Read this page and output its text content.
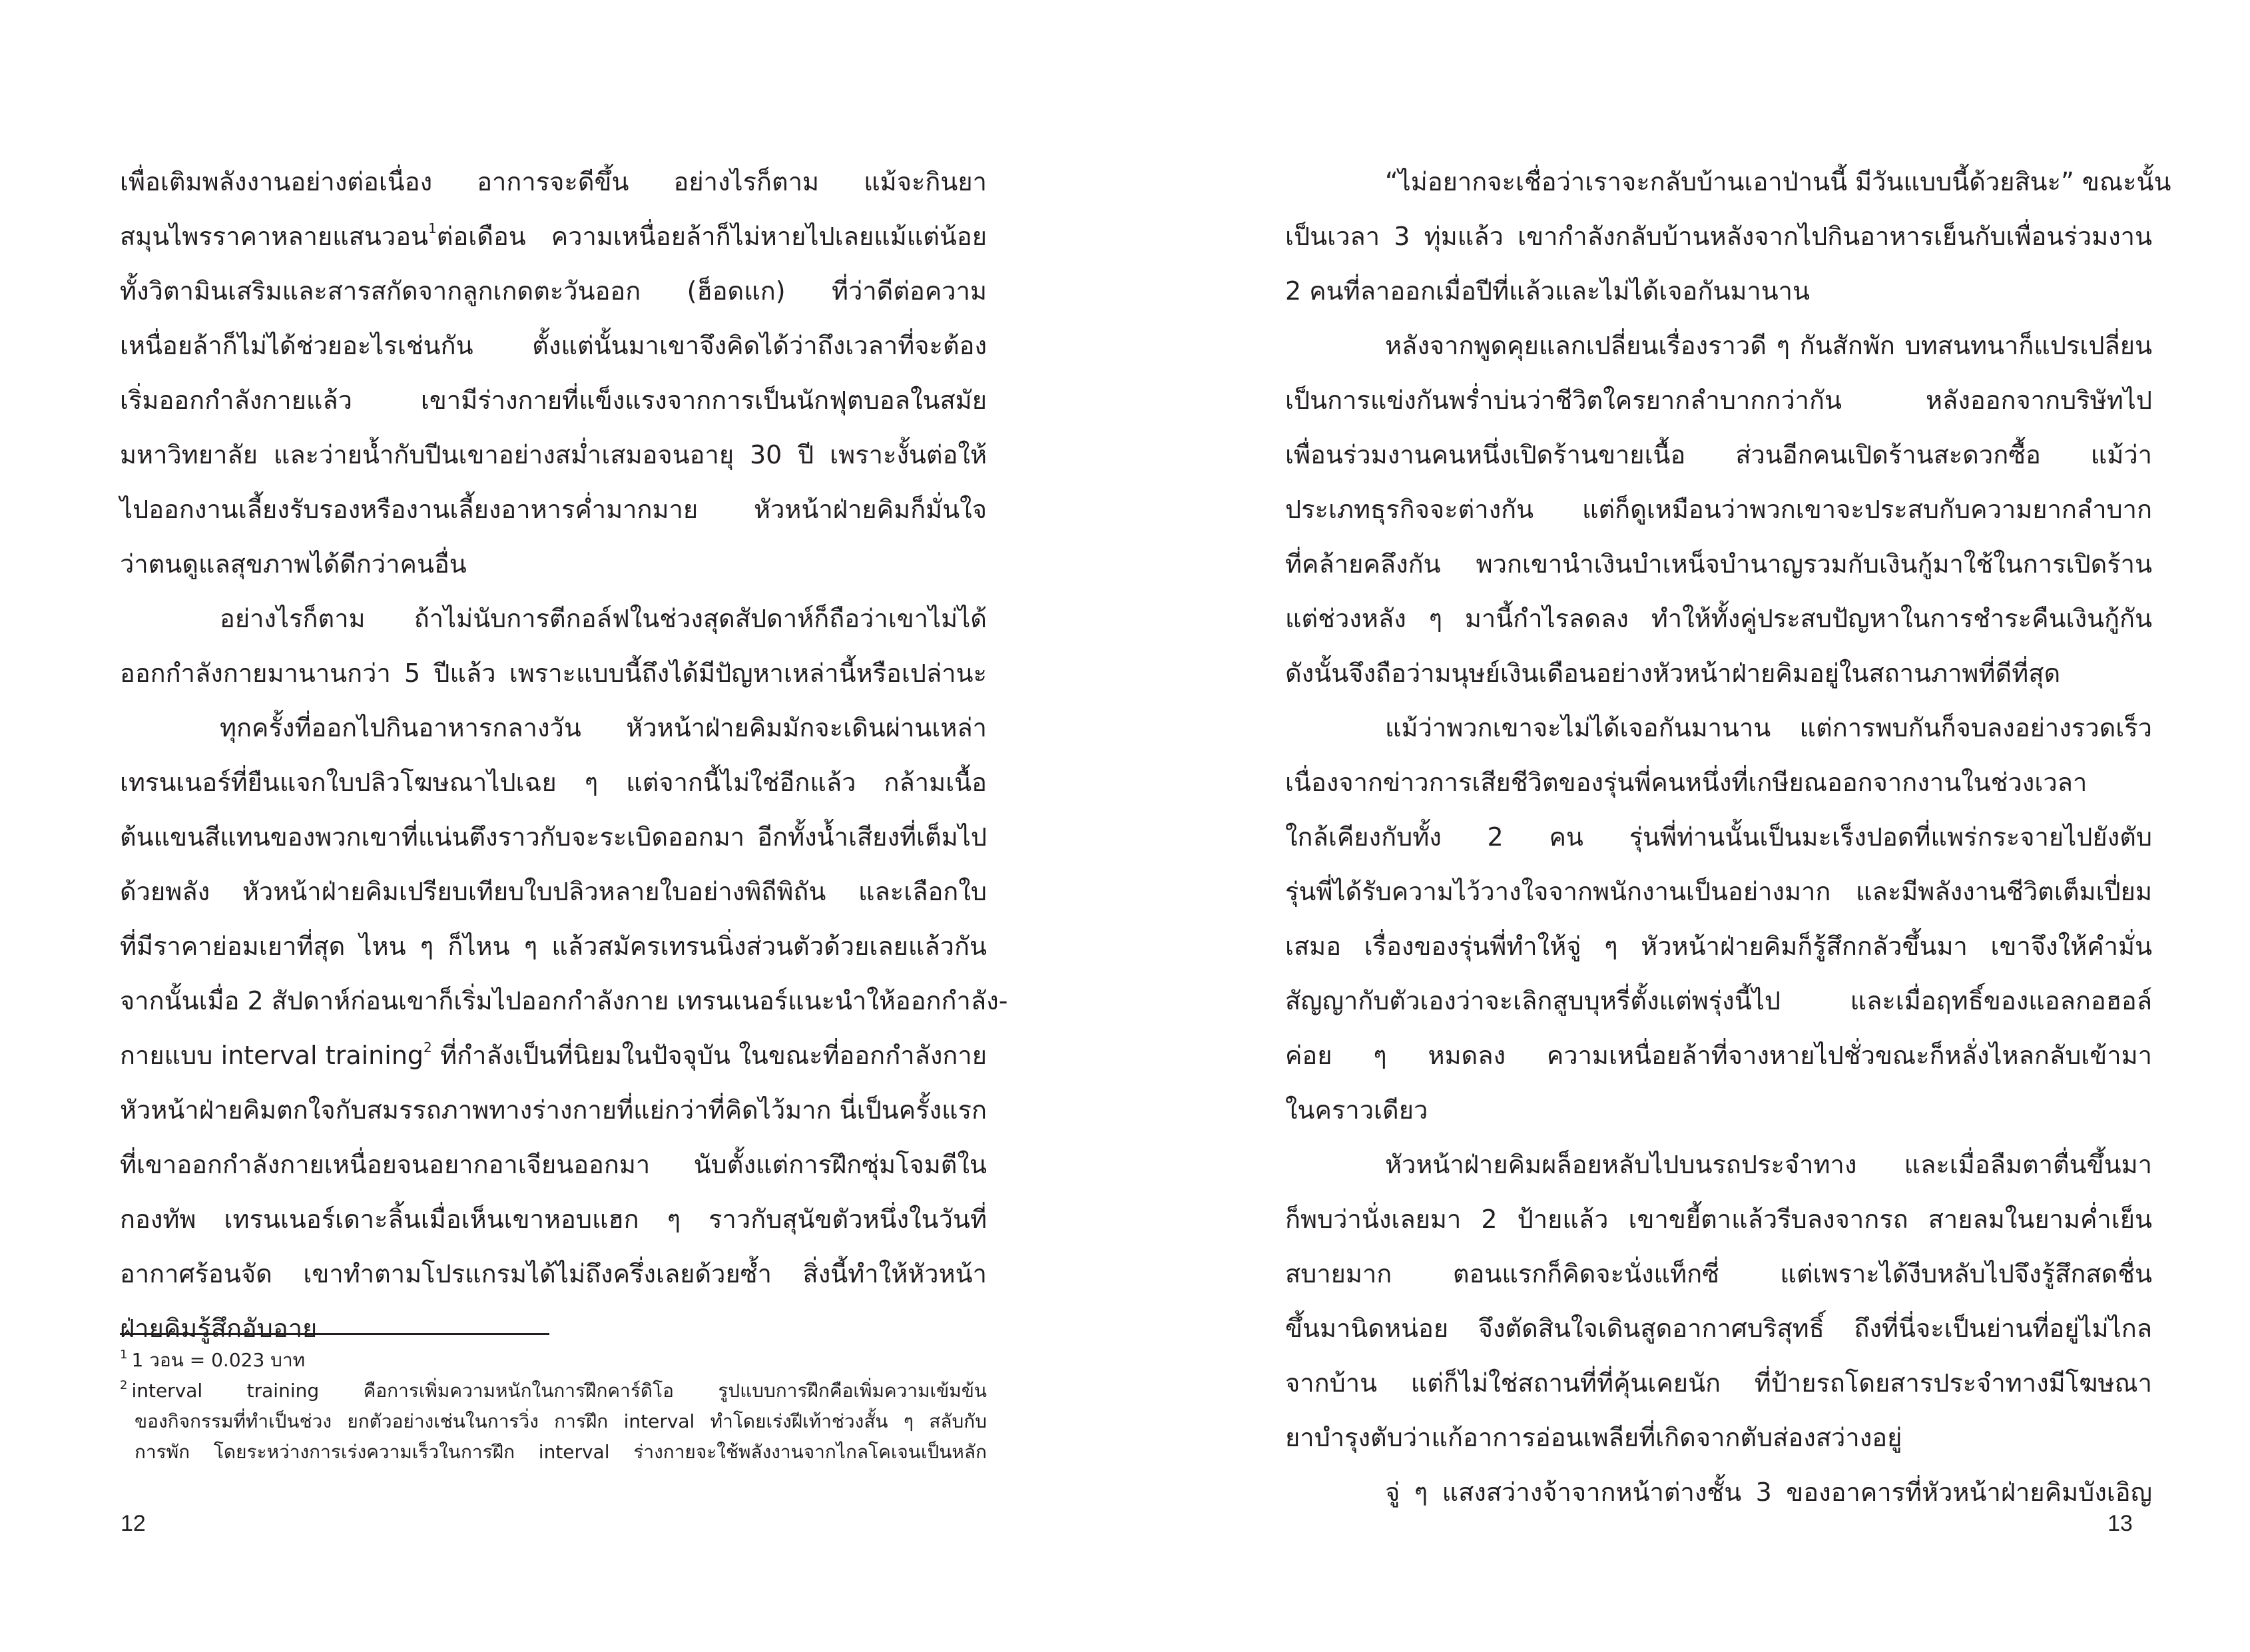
เพื่อเติมพลังงานอย่างต่อเนื่อง อาการจะดีขึ้น อย่างไรก็ตาม แม้จะกินยา
สมุนไพรราคาหลายแสนวอน$^1$ต่อเดือน ความเหนื่อยล้าก็ไม่หายไปเลยแม้แต่น้อย
ทั้งวิตามินเสริมและสารสกัดจากลูกเกดตะวันออก (ฮ็อดแก) ที่ว่าดีต่อความ
เหนื่อยล้าก็ไม่ได้ช่วยอะไรเช่นกัน ตั้งแต่นั้นมาเขาจึงคิดได้ว่าถึงเวลาที่จะต้อง
เริ่มออกกำลังกายแล้ว เขามีร่างกายที่แข็งแรงจากการเป็นนักฟุตบอลในสมัย
มหาวิทยาลัย และว่ายน้ำกับปีนเขาอย่างสม่ำเสมอจนอายุ 30 ปี เพราะงั้นต่อให้
ไปออกงานเลี้ยงรับรองหรืองานเลี้ยงอาหารค่ำมากมาย หัวหน้าฝ่ายคิมก็มั่นใจ
ว่าตนดูแลสุขภาพได้ดีกว่าคนอื่น
อย่างไรก็ตาม ถ้าไม่นับการตีกอล์ฟในช่วงสุดสัปดาห์ก็ถือว่าเขาไม่ได้
ออกกำลังกายมานานกว่า 5 ปีแล้ว เพราะแบบนี้ถึงได้มีปัญหาเหล่านี้หรือเปล่านะ
ทุกครั้งที่ออกไปกินอาหารกลางวัน หัวหน้าฝ่ายคิมมักจะเดินผ่านเหล่า
เทรนเนอร์ที่ยืนแจกใบปลิวโฆษณาไปเฉย ๆ แต่จากนี้ไม่ใช่อีกแล้ว กล้ามเนื้อ
ต้นแขนสีแทนของพวกเขาที่แน่นตึงราวกับจะระเบิดออกมา อีกทั้งน้ำเสียงที่เต็มไป
ด้วยพลัง หัวหน้าฝ่ายคิมเปรียบเทียบใบปลิวหลายใบอย่างพิถีพิถัน และเลือกใบ
ที่มีราคาย่อมเยาที่สุด ไหน ๆ ก็ไหน ๆ แล้วสมัครเทรนนิ่งส่วนตัวด้วยเลยแล้วกัน
จากนั้นเมื่อ 2 สัปดาห์ก่อนเขาก็เริ่มไปออกกำลังกาย เทรนเนอร์แนะนำให้ออกกำลัง-
กายแบบ interval training$^2$ ที่กำลังเป็นที่นิยมในปัจจุบัน ในขณะที่ออกกำลังกาย
หัวหน้าฝ่ายคิมตกใจกับสมรรถภาพทางร่างกายที่แย่กว่าที่คิดไว้มาก นี่เป็นครั้งแรก
ที่เขาออกกำลังกายเหนื่อยจนอยากอาเจียนออกมา นับตั้งแต่การฝึกซุ่มโจมตีใน
กองทัพ เทรนเนอร์เดาะลิ้นเมื่อเห็นเขาหอบแฮก ๆ ราวกับสุนัขตัวหนึ่งในวันที่
อากาศร้อนจัด เขาทำตามโปรแกรมได้ไม่ถึงครึ่งเลยด้วยซ้ำ สิ่งนี้ทำให้หัวหน้า
ฝ่ายคิมรู้สึกอับอาย
$^1$ 1 วอน = 0.023 บาท
$^2$ interval training คือการเพิ่มความหนักในการฝึกคาร์ดิโอ รูปแบบการฝึกคือเพิ่มความเข้มข้น
ของกิจกรรมที่ทำเป็นช่วง ยกตัวอย่างเช่นในการวิ่ง การฝึก interval ทำโดยเร่งฝีเท้าช่วงสั้น ๆ สลับกับ
การพัก โดยระหว่างการเร่งความเร็วในการฝึก interval ร่างกายจะใช้พลังงานจากไกลโคเจนเป็นหลัก
12
“ไม่อยากจะเชื่อว่าเราจะกลับบ้านเอาป่านนี้ มีวันแบบนี้ด้วยสินะ” ขณะนั้น
เป็นเวลา 3 ทุ่มแล้ว เขากำลังกลับบ้านหลังจากไปกินอาหารเย็นกับเพื่อนร่วมงาน
2 คนที่ลาออกเมื่อปีที่แล้วและไม่ได้เจอกันมานาน
หลังจากพูดคุยแลกเปลี่ยนเรื่องราวดี ๆ กันสักพัก บทสนทนาก็แปรเปลี่ยน
เป็นการแข่งกันพร่ำบ่นว่าชีวิตใครยากลำบากกว่ากัน หลังออกจากบริษัทไป
เพื่อนร่วมงานคนหนึ่งเปิดร้านขายเนื้อ ส่วนอีกคนเปิดร้านสะดวกซื้อ แม้ว่า
ประเภทธุรกิจจะต่างกัน แต่ก็ดูเหมือนว่าพวกเขาจะประสบกับความยากลำบาก
ที่คล้ายคลึงกัน พวกเขานำเงินบำเหน็จบำนาญรวมกับเงินกู้มาใช้ในการเปิดร้าน
แต่ช่วงหลัง ๆ มานี้กำไรลดลง ทำให้ทั้งคู่ประสบปัญหาในการชำระคืนเงินกู้กัน
ดังนั้นจึงถือว่ามนุษย์เงินเดือนอย่างหัวหน้าฝ่ายคิมอยู่ในสถานภาพที่ดีที่สุด
แม้ว่าพวกเขาจะไม่ได้เจอกันมานาน แต่การพบกันก็จบลงอย่างรวดเร็ว
เนื่องจากข่าวการเสียชีวิตของรุ่นพี่คนหนึ่งที่เกษียณออกจากงานในช่วงเวลา
ใกล้เคียงกับทั้ง 2 คน รุ่นพี่ท่านนั้นเป็นมะเร็งปอดที่แพร่กระจายไปยังตับ
รุ่นพี่ได้รับความไว้วางใจจากพนักงานเป็นอย่างมาก และมีพลังงานชีวิตเต็มเปี่ยม
เสมอ เรื่องของรุ่นพี่ทำให้จู่ ๆ หัวหน้าฝ่ายคิมก็รู้สึกกลัวขึ้นมา เขาจึงให้คำมั่น
สัญญากับตัวเองว่าจะเลิกสูบบุหรี่ตั้งแต่พรุ่งนี้ไป และเมื่อฤทธิ์ของแอลกอฮอล์
ค่อย ๆ หมดลง ความเหนื่อยล้าที่จางหายไปชั่วขณะก็หลั่งไหลกลับเข้ามา
ในคราวเดียว
หัวหน้าฝ่ายคิมผล็อยหลับไปบนรถประจำทาง และเมื่อลืมตาตื่นขึ้นมา
ก็พบว่านั่งเลยมา 2 ป้ายแล้ว เขาขยี้ตาแล้วรีบลงจากรถ สายลมในยามค่ำเย็น
สบายมาก ตอนแรกก็คิดจะนั่งแท็กซี่ แต่เพราะได้งีบหลับไปจึงรู้สึกสดชื่น
ขึ้นมานิดหน่อย จึงตัดสินใจเดินสูดอากาศบริสุทธิ์ ถึงที่นี่จะเป็นย่านที่อยู่ไม่ไกล
จากบ้าน แต่ก็ไม่ใช่สถานที่ที่คุ้นเคยนัก ที่ป้ายรถโดยสารประจำทางมีโฆษณา
ยาบำรุงตับว่าแก้อาการอ่อนเพลียที่เกิดจากตับส่องสว่างอยู่
จู่ ๆ แสงสว่างจ้าจากหน้าต่างชั้น 3 ของอาคารที่หัวหน้าฝ่ายคิมบังเอิญ
13
